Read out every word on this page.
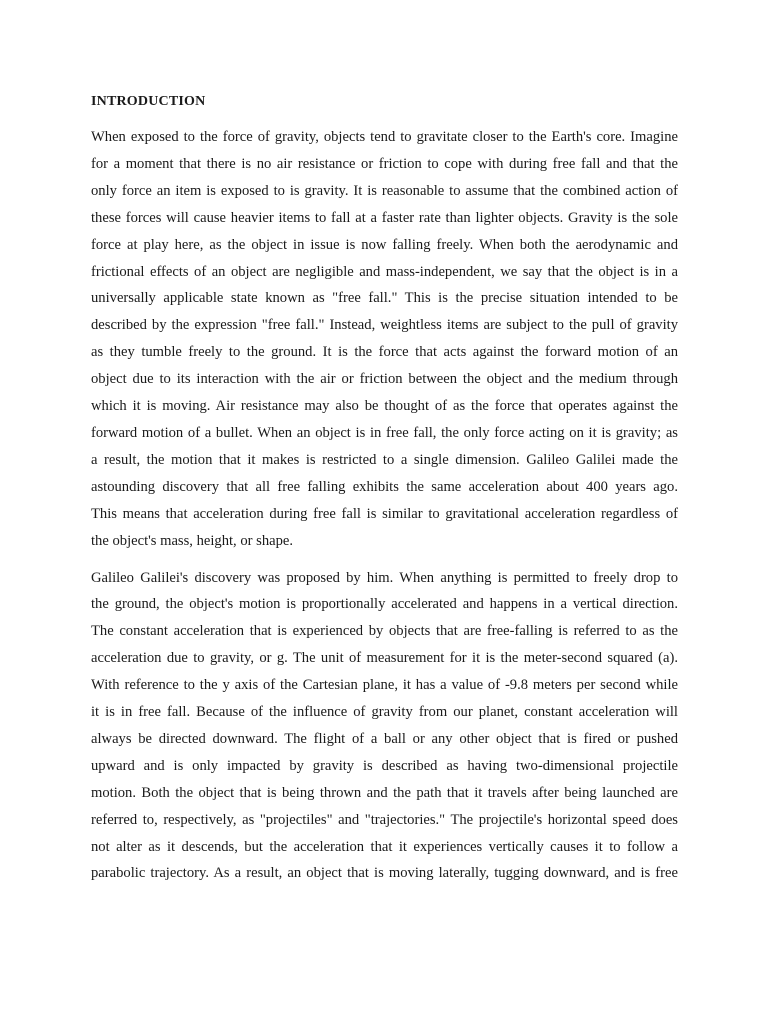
INTRODUCTION
When exposed to the force of gravity, objects tend to gravitate closer to the Earth's core. Imagine
for a moment that there is no air resistance or friction to cope with during free fall and that the
only force an item is exposed to is gravity. It is reasonable to assume that the combined action of
these forces will cause heavier items to fall at a faster rate than lighter objects. Gravity is the sole
force at play here, as the object in issue is now falling freely. When both the aerodynamic and
frictional effects of an object are negligible and mass-independent, we say that the object is in a
universally applicable state known as "free fall." This is the precise situation intended to be
described by the expression "free fall." Instead, weightless items are subject to the pull of gravity
as they tumble freely to the ground. It is the force that acts against the forward motion of an
object due to its interaction with the air or friction between the object and the medium through
which it is moving. Air resistance may also be thought of as the force that operates against the
forward motion of a bullet. When an object is in free fall, the only force acting on it is gravity; as
a result, the motion that it makes is restricted to a single dimension. Galileo Galilei made the
astounding discovery that all free falling exhibits the same acceleration about 400 years ago.
This means that acceleration during free fall is similar to gravitational acceleration regardless of
the object's mass, height, or shape.
Galileo Galilei's discovery was proposed by him. When anything is permitted to freely drop to
the ground, the object's motion is proportionally accelerated and happens in a vertical direction.
The constant acceleration that is experienced by objects that are free-falling is referred to as the
acceleration due to gravity, or g. The unit of measurement for it is the meter-second squared (a).
With reference to the y axis of the Cartesian plane, it has a value of -9.8 meters per second while
it is in free fall. Because of the influence of gravity from our planet, constant acceleration will
always be directed downward. The flight of a ball or any other object that is fired or pushed
upward and is only impacted by gravity is described as having two-dimensional projectile
motion. Both the object that is being thrown and the path that it travels after being launched are
referred to, respectively, as "projectiles" and "trajectories." The projectile's horizontal speed does
not alter as it descends, but the acceleration that it experiences vertically causes it to follow a
parabolic trajectory. As a result, an object that is moving laterally, tugging downward, and is free
